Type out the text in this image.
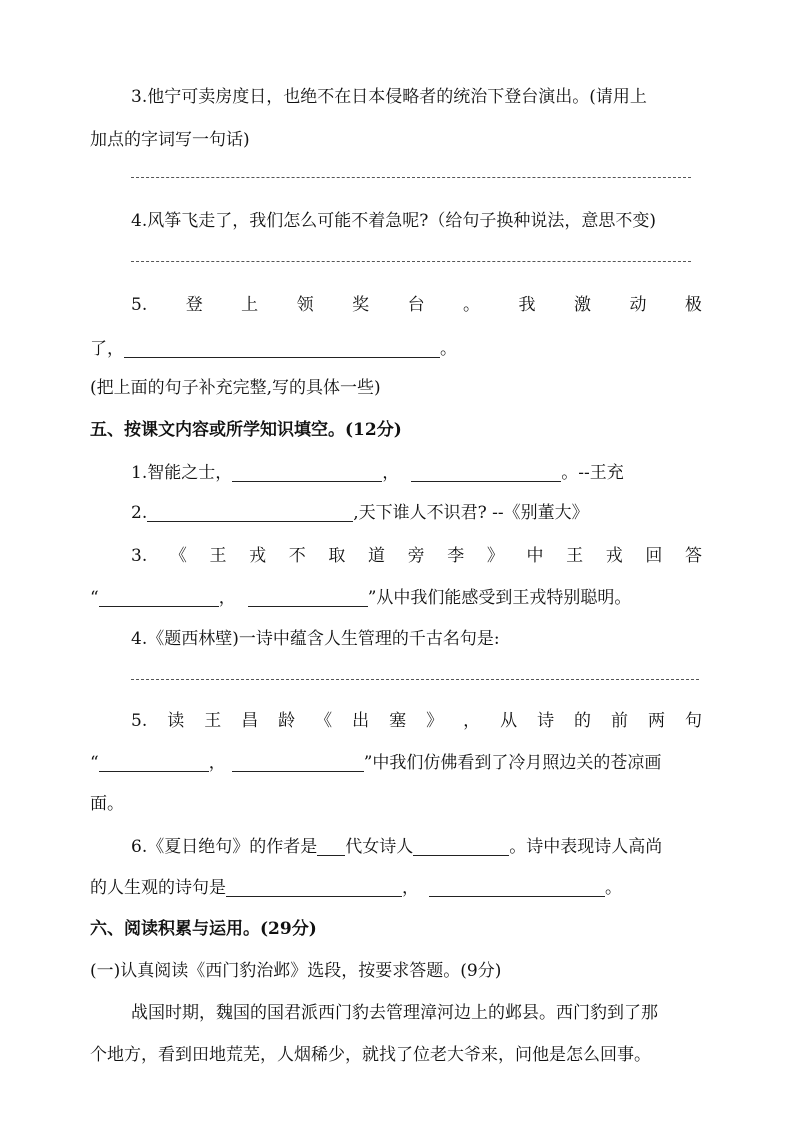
3.他宁可卖房度日，也绝不在日本侵略者的统治下登台演出。(请用上
加点的字词写一句话)
4.风筝飞走了，我们怎么可能不着急呢?（给句子换种说法，意思不变)
5. 登 上 领 奖 台 。 我 激 动 极
了，	。
(把上面的句子补充完整,写的具体一些)
五、按课文内容或所学知识填空。(12分)
1.智能之士，	，	。--王充
2.	,天下谁人不识君? --《别董大》
3. 《 王 戎 不 取 道 旁 李 》 中 王 戎 回 答
“	，	”从中我们能感受到王戎特别聪明。
4.《题西林壁)一诗中蕴含人生管理的千古名句是:
5. 读 王 昌 龄 《 出 塞 》 ， 从 诗 的 前 两 句
“	，	”中我们仿佛看到了冷月照边关的苍凉画
面。
6.《夏日绝句》的作者是 代女诗人	。诗中表现诗人高尚
的人生观的诗句是	，	。
六、阅读积累与运用。(29分)
(一)认真阅读《西门豹治邺》选段，按要求答题。(9分)
战国时期，魏国的国君派西门豹去管理漳河边上的邺县。西门豹到了那
个地方，看到田地荒芜，人烟稀少，就找了位老大爷来，问他是怎么回事。
